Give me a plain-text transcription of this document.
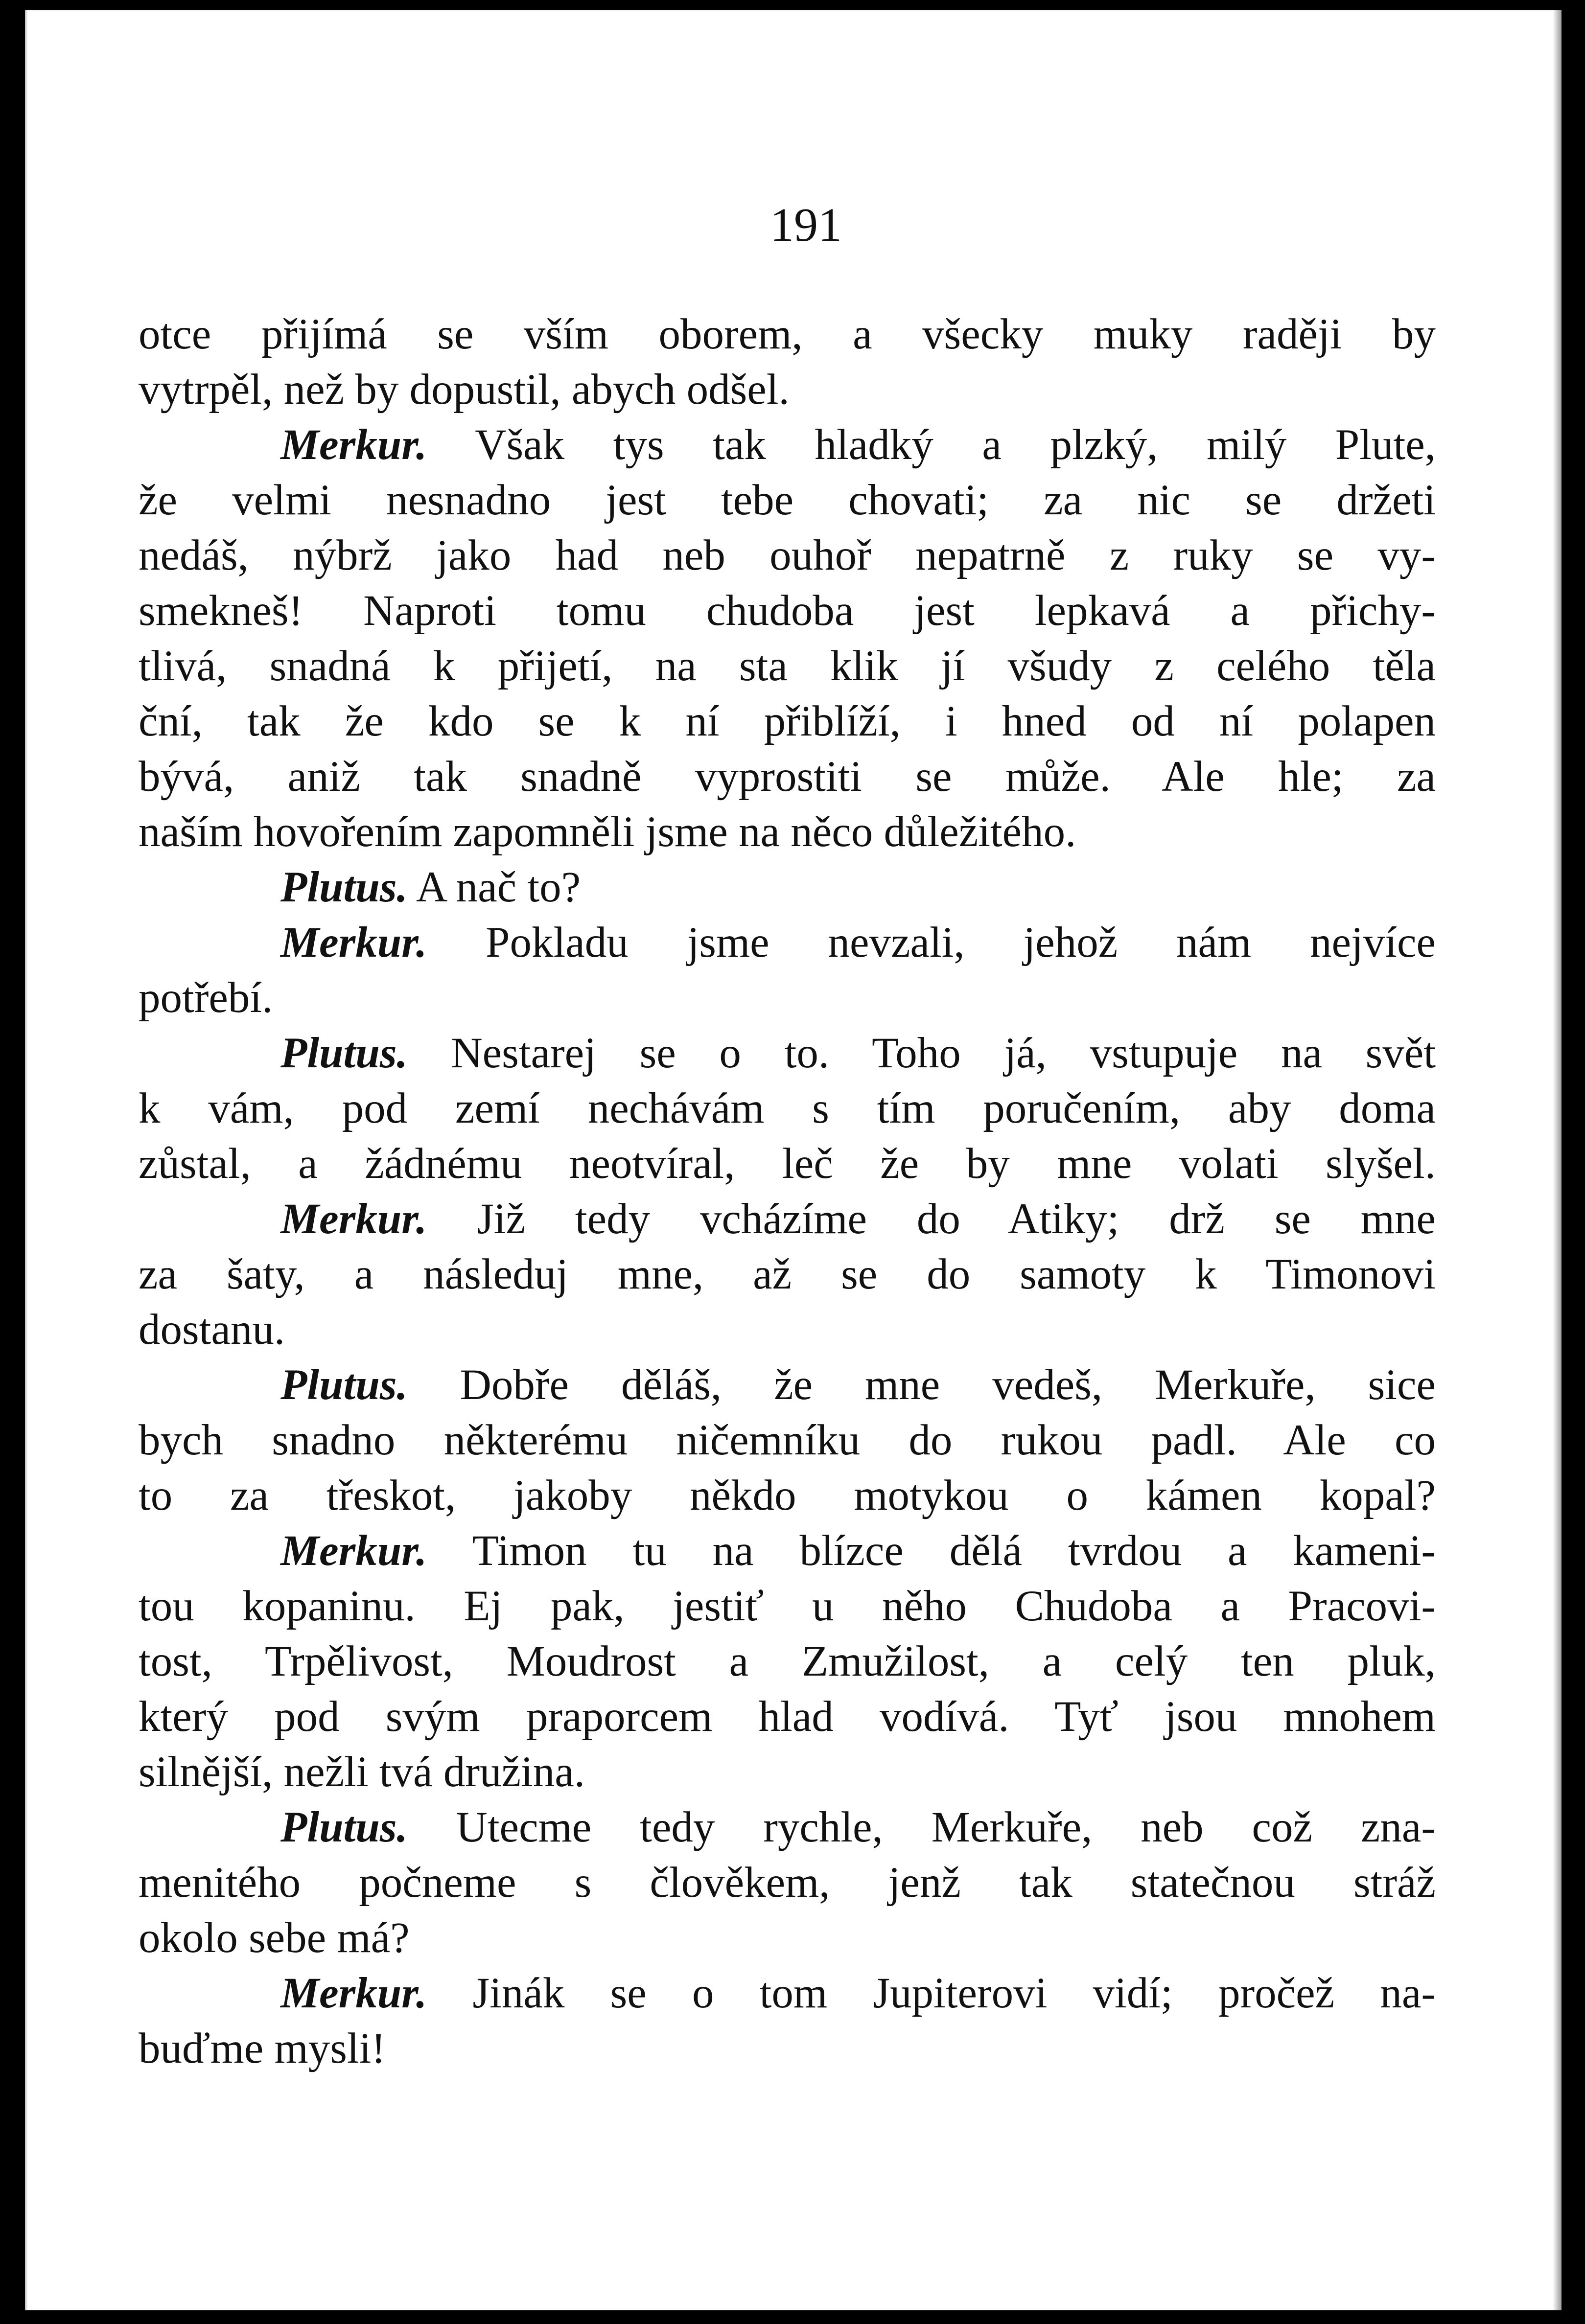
191
otce přijímá se vším oborem, a všecky muky raději by
vytrpěl, než by dopustil, abych odšel.
Merkur. Však tys tak hladký a plzký, milý Plute,
že velmi nesnadno jest tebe chovati; za nic se držeti
nedáš, nýbrž jako had neb ouhoř nepatrně z ruky se vy-
smekneš! Naproti tomu chudoba jest lepkavá a přichy-
tlivá, snadná k přijetí, na sta klik jí všudy z celého těla
ční, tak že kdo se k ní přiblíží, i hned od ní polapen
bývá, aniž tak snadně vyprostiti se může. Ale hle; za
naším hovořením zapomněli jsme na něco důležitého.
Plutus. A nač to?
Merkur. Pokladu jsme nevzali, jehož nám nejvíce
potřebí.
Plutus. Nestarej se o to. Toho já, vstupuje na svět
k vám, pod zemí nechávám s tím poručením, aby doma
zůstal, a žádnému neotvíral, leč že by mne volati slyšel.
Merkur. Již tedy vcházíme do Atiky; drž se mne
za šaty, a následuj mne, až se do samoty k Timonovi
dostanu.
Plutus. Dobře děláš, že mne vedeš, Merkuře, sice
bych snadno některému ničemníku do rukou padl. Ale co
to za třeskot, jakoby někdo motykou o kámen kopal?
Merkur. Timon tu na blízce dělá tvrdou a kameni-
tou kopaninu. Ej pak, jestiť u něho Chudoba a Pracovi-
tost, Trpělivost, Moudrost a Zmužilost, a celý ten pluk,
který pod svým praporcem hlad vodívá. Tyť jsou mnohem
silnější, nežli tvá družina.
Plutus. Utecme tedy rychle, Merkuře, neb což zna-
menitého počneme s člověkem, jenž tak statečnou stráž
okolo sebe má?
Merkur. Jinák se o tom Jupiterovi vidí; pročež na-
buďme mysli!
